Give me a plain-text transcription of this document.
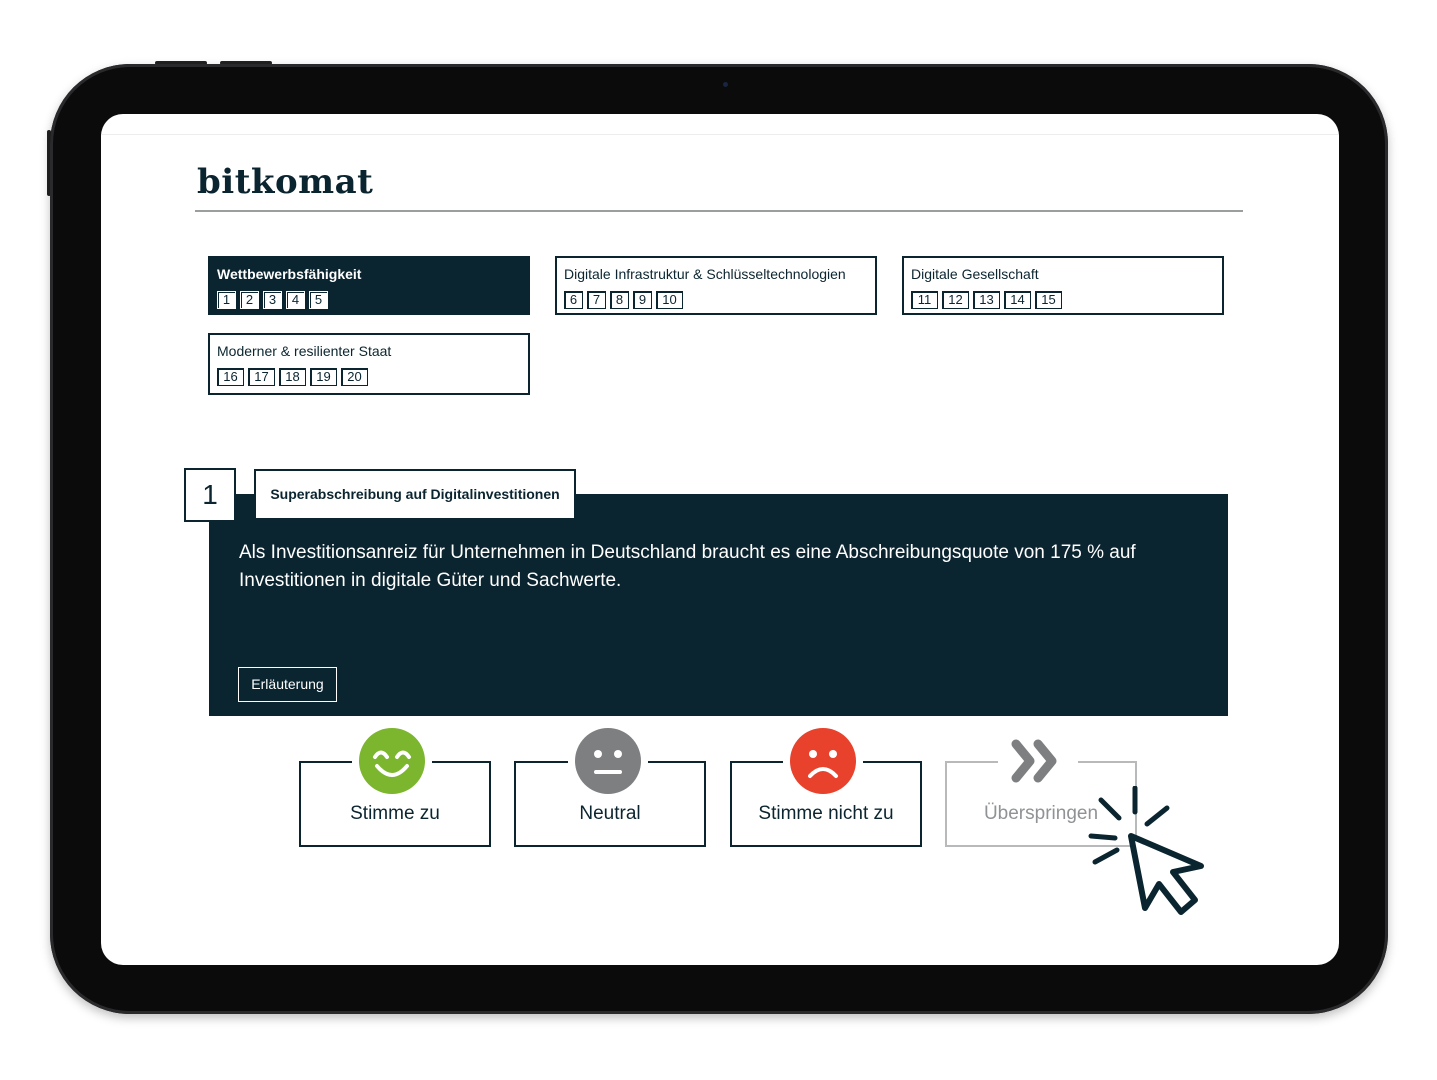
bitkomat
Wettbewerbsfähigkeit
1	2	3	4	5
Digitale Infrastruktur & Schlüsseltechnologien
6	7	8	9	10
Digitale Gesellschaft
11	12	13	14	15
Moderner & resilienter Staat
16	17	18	19	20
1	Superabschreibung auf Digitalinvestitionen
Als Investitionsanreiz für Unternehmen in Deutschland braucht es eine Abschreibungsquote von 175 % auf Investitionen in digitale Güter und Sachwerte.
Erläuterung
Stimme zu	Neutral	Stimme nicht zu	Überspringen
